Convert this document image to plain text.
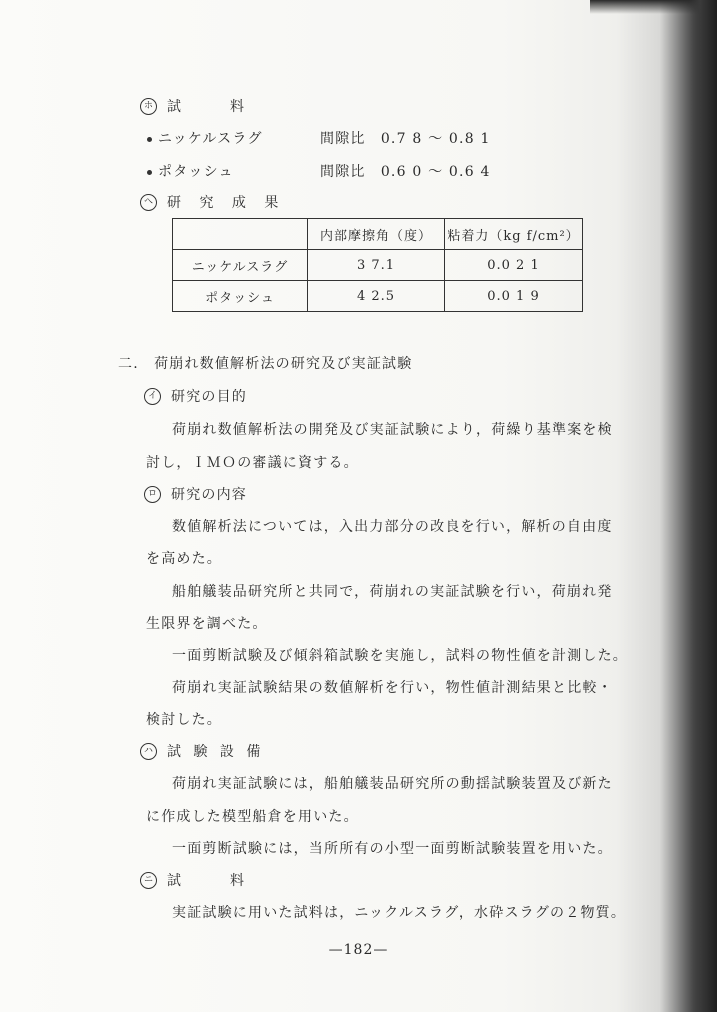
ホ 試　　料
ニッケルスラグ	間隙比　 0.7 8 ～ 0.8 1
ポタッシュ	間隙比　 0.6 0 ～ 0.6 4
へ 研 究 成 果
	内部摩擦角（度）	粘着力（kg f/cm²）
ニッケルスラグ	3 7.1	0.0 2 1
ポタッシュ	4 2.5	0.0 1 9
二.　 荷崩れ数値解析法の研究及び実証試験
イ 研究の目的
荷崩れ数値解析法の開発及び実証試験により，荷繰り基準案を検
討し，ＩＭＯの審議に資する。
ロ 研究の内容
数値解析法については，入出力部分の改良を行い，解析の自由度
を高めた。
船舶艤装品研究所と共同で，荷崩れの実証試験を行い，荷崩れ発
生限界を調べた。
一面剪断試験及び傾斜箱試験を実施し，試料の物性値を計測した。
荷崩れ実証試験結果の数値解析を行い，物性値計測結果と比較・
検討した。
ハ 試 験 設 備
荷崩れ実証試験には，船舶艤装品研究所の動揺試験装置及び新た
に作成した模型船倉を用いた。
一面剪断試験には，当所所有の小型一面剪断試験装置を用いた。
ニ 試　　料
実証試験に用いた試料は，ニックルスラグ，水砕スラグの２物質。
—182—
